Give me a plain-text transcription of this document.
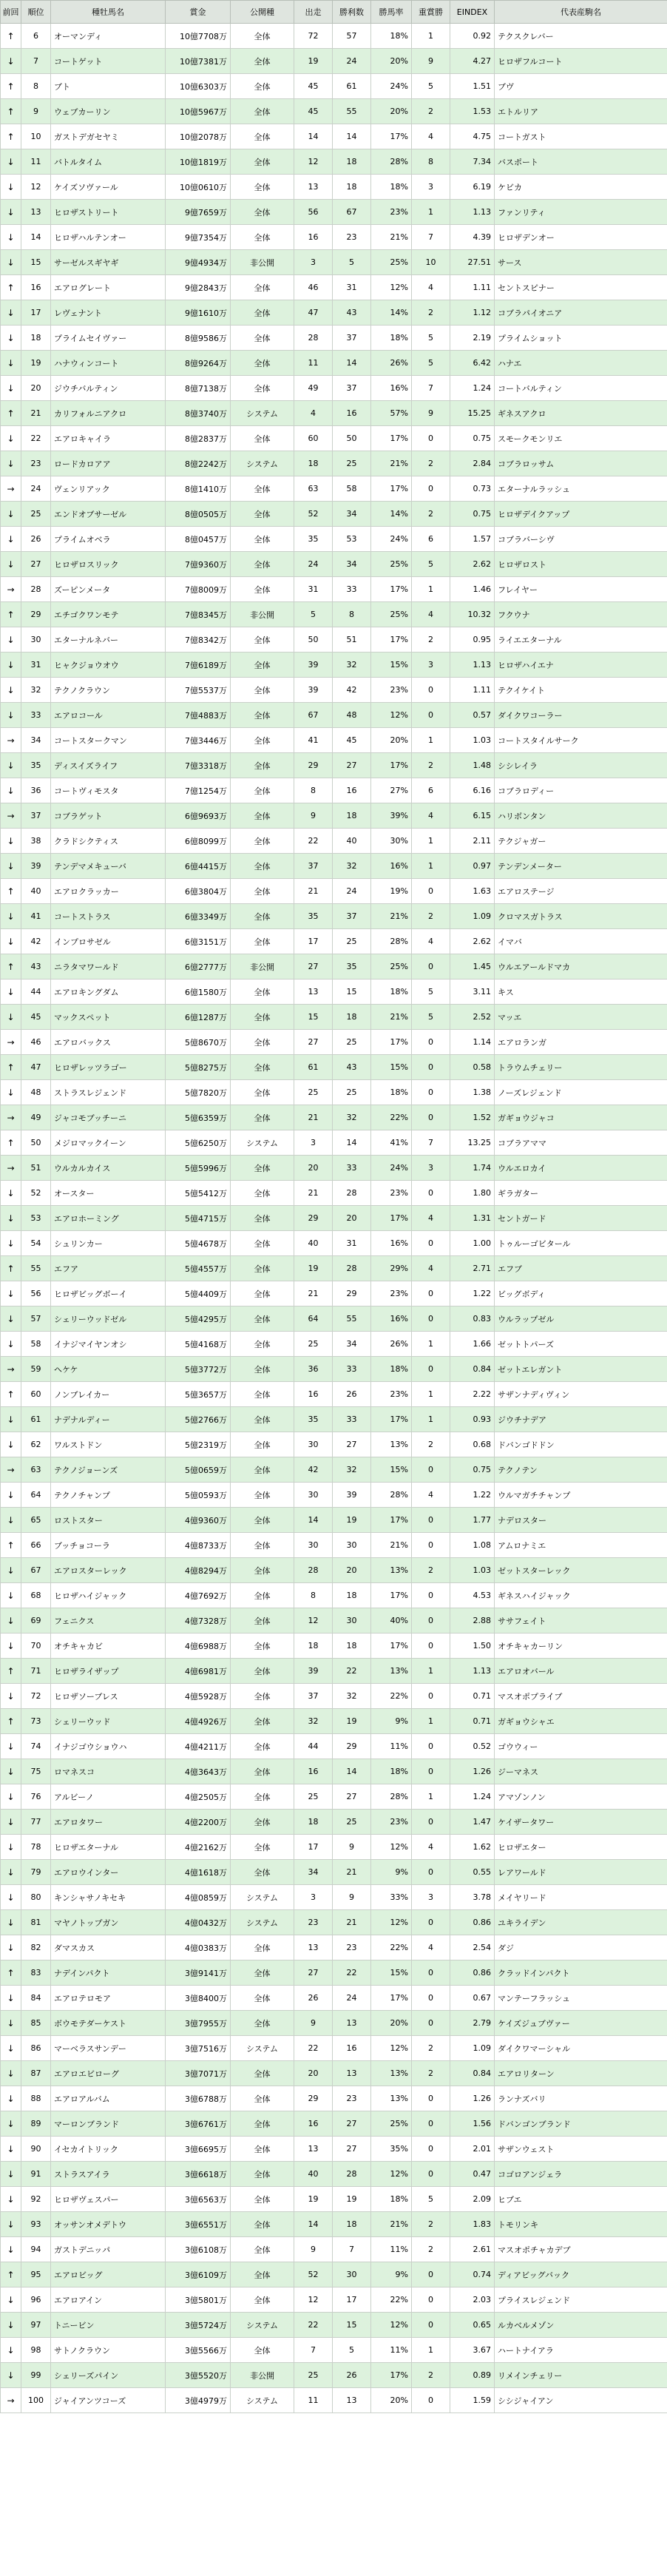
前回	順位	種牡馬名	賞金	公開種	出走	勝利数	勝馬率	重賞勝	EINDEX	代表産駒名
↑	6	オーマンディ	10億7708万	全体	72	57	18%	1	0.92	テクスクレバー
↓	7	コートゲット	10億7381万	全体	19	24	20%	9	4.27	ヒロザフルコート
↑	8	ブト	10億6303万	全体	45	61	24%	5	1.51	ブヴ
↑	9	ウェブカーリン	10億5967万	全体	45	55	20%	2	1.53	エトルリア
↑	10	ガストデガセヤミ	10億2078万	全体	14	14	17%	4	4.75	コートガスト
↓	11	バトルタイム	10億1819万	全体	12	18	28%	8	7.34	バスポート
↓	12	ケイズソヴァール	10億0610万	全体	13	18	18%	3	6.19	ケビカ
↓	13	ヒロザストリート	9億7659万	全体	56	67	23%	1	1.13	ファンリティ
↓	14	ヒロザハルテンオー	9億7354万	全体	16	23	21%	7	4.39	ヒロザデンオー
↓	15	サーゼルスギヤギ	9億4934万	非公開	3	5	25%	10	27.51	サース
↑	16	エアログレート	9億2843万	全体	46	31	12%	4	1.11	セントスピナー
↓	17	レヴェナント	9億1610万	全体	47	43	14%	2	1.12	コブラパイオニア
↓	18	プライムセイヴァー	8億9586万	全体	28	37	18%	5	2.19	プライムショット
↓	19	ハナウィンコート	8億9264万	全体	11	14	26%	5	6.42	ハナエ
↓	20	ジウチバルティン	8億7138万	全体	49	37	16%	7	1.24	コートバルティン
↑	21	カリフォルニアクロ	8億3740万	システム	4	16	57%	9	15.25	ギネスアクロ
↓	22	エアロキャイラ	8億2837万	全体	60	50	17%	0	0.75	スモークモンリエ
↓	23	ロードカロアア	8億2242万	システム	18	25	21%	2	2.84	コブラロッサム
→	24	ヴェンリアック	8億1410万	全体	63	58	17%	0	0.73	エターナルラッシュ
↓	25	エンドオブサーゼル	8億0505万	全体	52	34	14%	2	0.75	ヒロザデイクアップ
↓	26	プライムオベラ	8億0457万	全体	35	53	24%	6	1.57	コブラバーシヴ
↓	27	ヒロザロスリック	7億9360万	全体	24	34	25%	5	2.62	ヒロザロスト
→	28	ズーピンメータ	7億8009万	全体	31	33	17%	1	1.46	フレイヤー
↑	29	エチゴクワンモテ	7億8345万	非公開	5	8	25%	4	10.32	フクウナ
↓	30	エターナルネバー	7億8342万	全体	50	51	17%	2	0.95	ライエエターナル
↓	31	ヒャクジョウオウ	7億6189万	全体	39	32	15%	3	1.13	ヒロザハイエナ
↓	32	テクノクラウン	7億5537万	全体	39	42	23%	0	1.11	テクイケイト
↓	33	エアロコール	7億4883万	全体	67	48	12%	0	0.57	ダイクワコーラー
→	34	コートスタークマン	7億3446万	全体	41	45	20%	1	1.03	コートスタイルサーク
↓	35	ディスイズライフ	7億3318万	全体	29	27	17%	2	1.48	シシレイラ
↓	36	コートヴィモスタ	7億1254万	全体	8	16	27%	6	6.16	コブラロディー
→	37	コブラゲット	6億9693万	全体	9	18	39%	4	6.15	ハリボンタン
↓	38	クラドシクティス	6億8099万	全体	22	40	30%	1	2.11	テクジャガー
↓	39	テンデマメキューバ	6億4415万	全体	37	32	16%	1	0.97	テンデンメーター
↑	40	エアロクラッカー	6億3804万	全体	21	24	19%	0	1.63	エアロステージ
↓	41	コートストラス	6億3349万	全体	35	37	21%	2	1.09	クロマスガトラス
↓	42	インプロサゼル	6億3151万	全体	17	25	28%	4	2.62	イマバ
↑	43	ニラタマワールド	6億2777万	非公開	27	35	25%	0	1.45	ウルエアールドマカ
↓	44	エアロキングダム	6億1580万	全体	13	15	18%	5	3.11	キス
↓	45	マックスペット	6億1287万	全体	15	18	21%	5	2.52	マッエ
→	46	エアロバックス	5億8670万	全体	27	25	17%	0	1.14	エアロランガ
↑	47	ヒロザレッツラゴー	5億8275万	全体	61	43	15%	0	0.58	トラウムチェリー
↓	48	ストラスレジェンド	5億7820万	全体	25	25	18%	0	1.38	ノーズレジェンド
→	49	ジャコモブッチーニ	5億6359万	全体	21	32	22%	0	1.52	ガギョウジャコ
↑	50	メジロマックイーン	5億6250万	システム	3	14	41%	7	13.25	コブラアママ
→	51	ウルカルカイス	5億5996万	全体	20	33	24%	3	1.74	ウルエロカイ
↓	52	オースター	5億5412万	全体	21	28	23%	0	1.80	ギラガター
↓	53	エアロホーミング	5億4715万	全体	29	20	17%	4	1.31	セントガード
↓	54	シュリンカー	5億4678万	全体	40	31	16%	0	1.00	トゥルーゴビタール
↑	55	エフア	5億4557万	全体	19	28	29%	4	2.71	エフブ
↓	56	ヒロザビッグボーイ	5億4409万	全体	21	29	23%	0	1.22	ビッグボディ
↓	57	シェリーウッドゼル	5億4295万	全体	64	55	16%	0	0.83	ウルラップゼル
↓	58	イナジマイヤンオシ	5億4168万	全体	25	34	26%	1	1.66	ゼットトパーズ
→	59	ヘケケ	5億3772万	全体	36	33	18%	0	0.84	ゼットエレガント
↑	60	ノンブレイカー	5億3657万	全体	16	26	23%	1	2.22	サザンナディヴィン
↓	61	ナデナルディー	5億2766万	全体	35	33	17%	1	0.93	ジウチナデア
↓	62	ワルストドン	5億2319万	全体	30	27	13%	2	0.68	ドバンゴドドン
→	63	テクノジョーンズ	5億0659万	全体	42	32	15%	0	0.75	テクノテン
↓	64	テクノチャンプ	5億0593万	全体	30	39	28%	4	1.22	ウルマガチチャンプ
↓	65	ロストスター	4億9360万	全体	14	19	17%	0	1.77	ナデロスター
↑	66	ブッチョコーラ	4億8733万	全体	30	30	21%	0	1.08	アムロナミエ
↓	67	エアロスターレック	4億8294万	全体	28	20	13%	2	1.03	ゼットスターレック
↓	68	ヒロザハイジャック	4億7692万	全体	8	18	17%	0	4.53	ギネスハイジャック
↓	69	フェニクス	4億7328万	全体	12	30	40%	0	2.88	ササフェイト
↓	70	オチキャカビ	4億6988万	全体	18	18	17%	0	1.50	オチキャカーリン
↑	71	ヒロザライザップ	4億6981万	全体	39	22	13%	1	1.13	エアロオバール
↓	72	ヒロザソーブレス	4億5928万	全体	37	32	22%	0	0.71	マスオポプライブ
↑	73	シェリーウッド	4億4926万	全体	32	19	9%	1	0.71	ガギョウシャエ
↓	74	イナジゴウショウハ	4億4211万	全体	44	29	11%	0	0.52	ゴウウィー
↓	75	ロマネスコ	4億3643万	全体	16	14	18%	0	1.26	ジーマネス
↓	76	アルビーノ	4億2505万	全体	25	27	28%	1	1.24	アマゾンノン
↓	77	エアロタワー	4億2200万	全体	18	25	23%	0	1.47	ケイザータワー
↓	78	ヒロザエターナル	4億2162万	全体	17	9	12%	4	1.62	ヒロザエター
↓	79	エアロウインター	4億1618万	全体	34	21	9%	0	0.55	レアワールド
↓	80	キンシャサノキセキ	4億0859万	システム	3	9	33%	3	3.78	メイヤリード
↓	81	マヤノトップガン	4億0432万	システム	23	21	12%	0	0.86	ユキライデン
↓	82	ダマスカス	4億0383万	全体	13	23	22%	4	2.54	ダジ
↑	83	ナデインパクト	3億9141万	全体	27	22	15%	0	0.86	クラッドインパクト
↓	84	エアロテロモア	3億8400万	全体	26	24	17%	0	0.67	マンテーフラッシュ
↓	85	ボウモテダーケスト	3億7955万	全体	9	13	20%	0	2.79	ケイズジュブヴァー
↓	86	マーベラスサンデー	3億7516万	システム	22	16	12%	2	1.09	ダイクワマーシャル
↓	87	エアロエビローグ	3億7071万	全体	20	13	13%	2	0.84	エアロリターン
↓	88	エアロアルバム	3億6788万	全体	29	23	13%	0	1.26	ランナズバリ
↓	89	マーロンブランド	3億6761万	全体	16	27	25%	0	1.56	ドバンゴンブランド
↓	90	イセカイトリック	3億6695万	全体	13	27	35%	0	2.01	サザンウェスト
↓	91	ストラスアイラ	3億6618万	全体	40	28	12%	0	0.47	コゴロアンジェラ
↓	92	ヒロザヴェスパー	3億6563万	全体	19	19	18%	5	2.09	ヒブエ
↓	93	オッサンオメデトウ	3億6551万	全体	14	18	21%	2	1.83	トモリンキ
↓	94	ガストデニッパ	3億6108万	全体	9	7	11%	2	2.61	マスオポチャカデブ
↑	95	エアロビッグ	3億6109万	全体	52	30	9%	0	0.74	ディアビッグバック
↓	96	エアロアイン	3億5801万	全体	12	17	22%	0	2.03	プライスレジェンド
↓	97	トニービン	3億5724万	システム	22	15	12%	0	0.65	ルカベルメゾン
↓	98	サトノクラウン	3億5566万	全体	7	5	11%	1	3.67	ハートナイアラ
↓	99	シェリーズパイン	3億5520万	非公開	25	26	17%	2	0.89	リメインチェリー
→	100	ジャイアンツコーズ	3億4979万	システム	11	13	20%	0	1.59	シシジャイアン
